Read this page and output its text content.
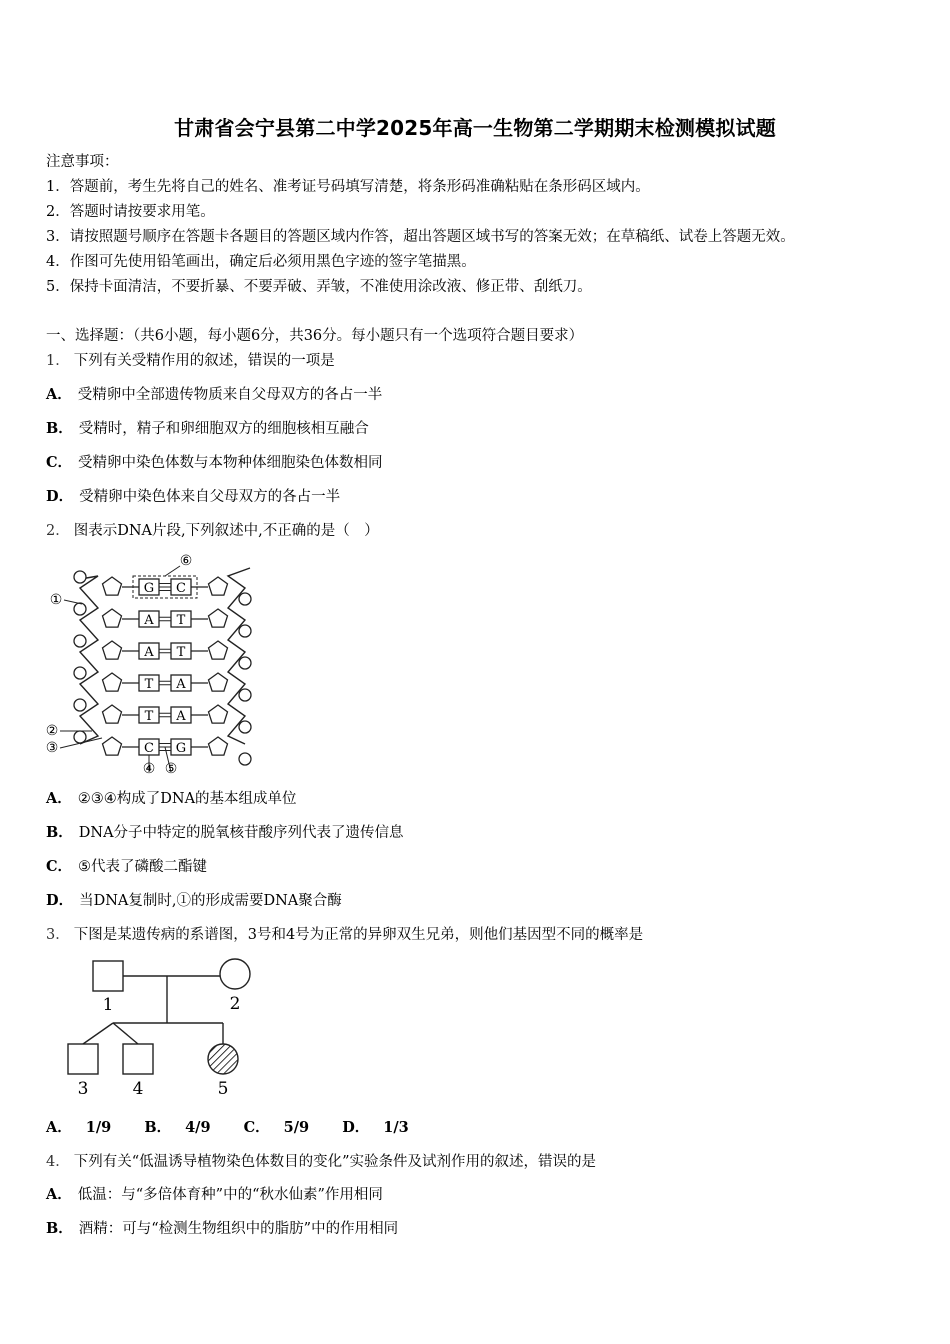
甘肃省会宁县第二中学2025年高一生物第二学期期末检测模拟试题
注意事项：
1．答题前，考生先将自己的姓名、准考证号码填写清楚，将条形码准确粘贴在条形码区域内。
2．答题时请按要求用笔。
3．请按照题号顺序在答题卡各题目的答题区域内作答，超出答题区域书写的答案无效；在草稿纸、试卷上答题无效。
4．作图可先使用铅笔画出，确定后必须用黑色字迹的签字笔描黑。
5．保持卡面清洁，不要折暴、不要弄破、弄皱，不准使用涂改液、修正带、刮纸刀。
一、选择题：（共6小题，每小题6分，共36分。每小题只有一个选项符合题目要求）
1． 下列有关受精作用的叙述，错误的一项是
A． 受精卵中全部遗传物质来自父母双方的各占一半
B． 受精时，精子和卵细胞双方的细胞核相互融合
C． 受精卵中染色体数与本物种体细胞染色体数相同
D． 受精卵中染色体来自父母双方的各占一半
2． 图表示DNA片段,下列叙述中,不正确的是（　）
G C
A T
A T
T A
T A
C G
⑥
①
②
③
④ ⑤
A． ②③④构成了DNA的基本组成单位
B． DNA分子中特定的脱氧核苷酸序列代表了遗传信息
C． ⑤代表了磷酸二酯键
D． 当DNA复制时,①的形成需要DNA聚合酶
3． 下图是某遗传病的系谱图，3号和4号为正常的异卵双生兄弟，则他们基因型不同的概率是
1	2
3	4	5
A． 1/9 B． 4/9 C． 5/9 D． 1/3
4． 下列有关“低温诱导植物染色体数目的变化”实验条件及试剂作用的叙述，错误的是
A． 低温：与“多倍体育种”中的“秋水仙素”作用相同
B． 酒精：可与“检测生物组织中的脂肪”中的作用相同
